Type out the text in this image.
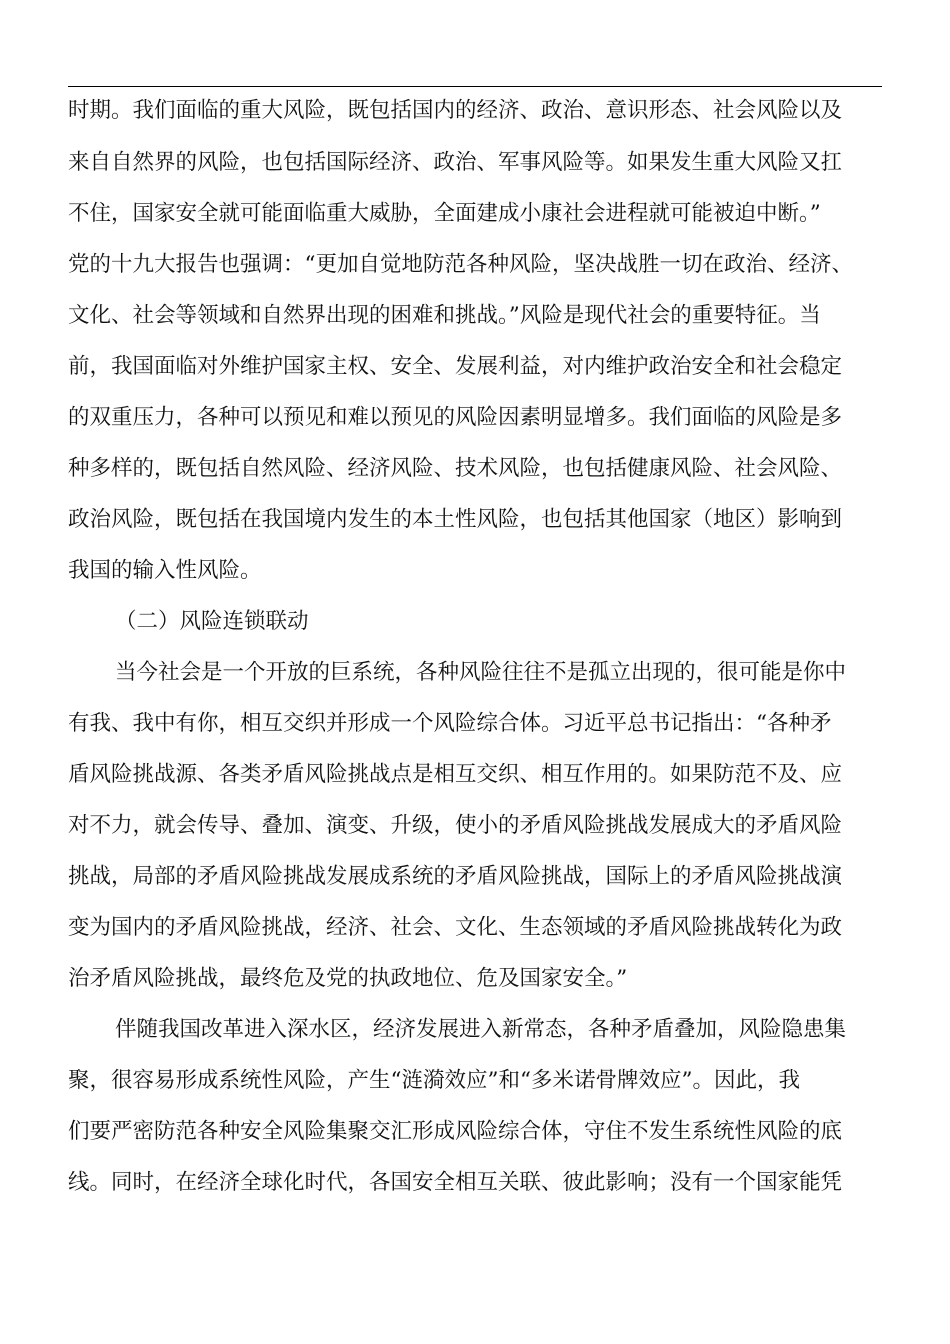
时期。我们面临的重大风险，既包括国内的经济、政治、意识形态、社会风险以及
来自自然界的风险，也包括国际经济、政治、军事风险等。如果发生重大风险又扛
不住，国家安全就可能面临重大威胁，全面建成小康社会进程就可能被迫中断。”
党的十九大报告也强调：“更加自觉地防范各种风险，坚决战胜一切在政治、经济、
文化、社会等领域和自然界出现的困难和挑战。”风险是现代社会的重要特征。当
前，我国面临对外维护国家主权、安全、发展利益，对内维护政治安全和社会稳定
的双重压力，各种可以预见和难以预见的风险因素明显增多。我们面临的风险是多
种多样的，既包括自然风险、经济风险、技术风险，也包括健康风险、社会风险、
政治风险，既包括在我国境内发生的本土性风险，也包括其他国家（地区）影响到
我国的输入性风险。
（二）风险连锁联动
当今社会是一个开放的巨系统，各种风险往往不是孤立出现的，很可能是你中
有我、我中有你，相互交织并形成一个风险综合体。习近平总书记指出：“各种矛
盾风险挑战源、各类矛盾风险挑战点是相互交织、相互作用的。如果防范不及、应
对不力，就会传导、叠加、演变、升级，使小的矛盾风险挑战发展成大的矛盾风险
挑战，局部的矛盾风险挑战发展成系统的矛盾风险挑战，国际上的矛盾风险挑战演
变为国内的矛盾风险挑战，经济、社会、文化、生态领域的矛盾风险挑战转化为政
治矛盾风险挑战，最终危及党的执政地位、危及国家安全。”
伴随我国改革进入深水区，经济发展进入新常态，各种矛盾叠加，风险隐患集
聚，很容易形成系统性风险，产生“涟漪效应”和“多米诺骨牌效应”。因此，我
们要严密防范各种安全风险集聚交汇形成风险综合体，守住不发生系统性风险的底
线。同时，在经济全球化时代，各国安全相互关联、彼此影响；没有一个国家能凭
